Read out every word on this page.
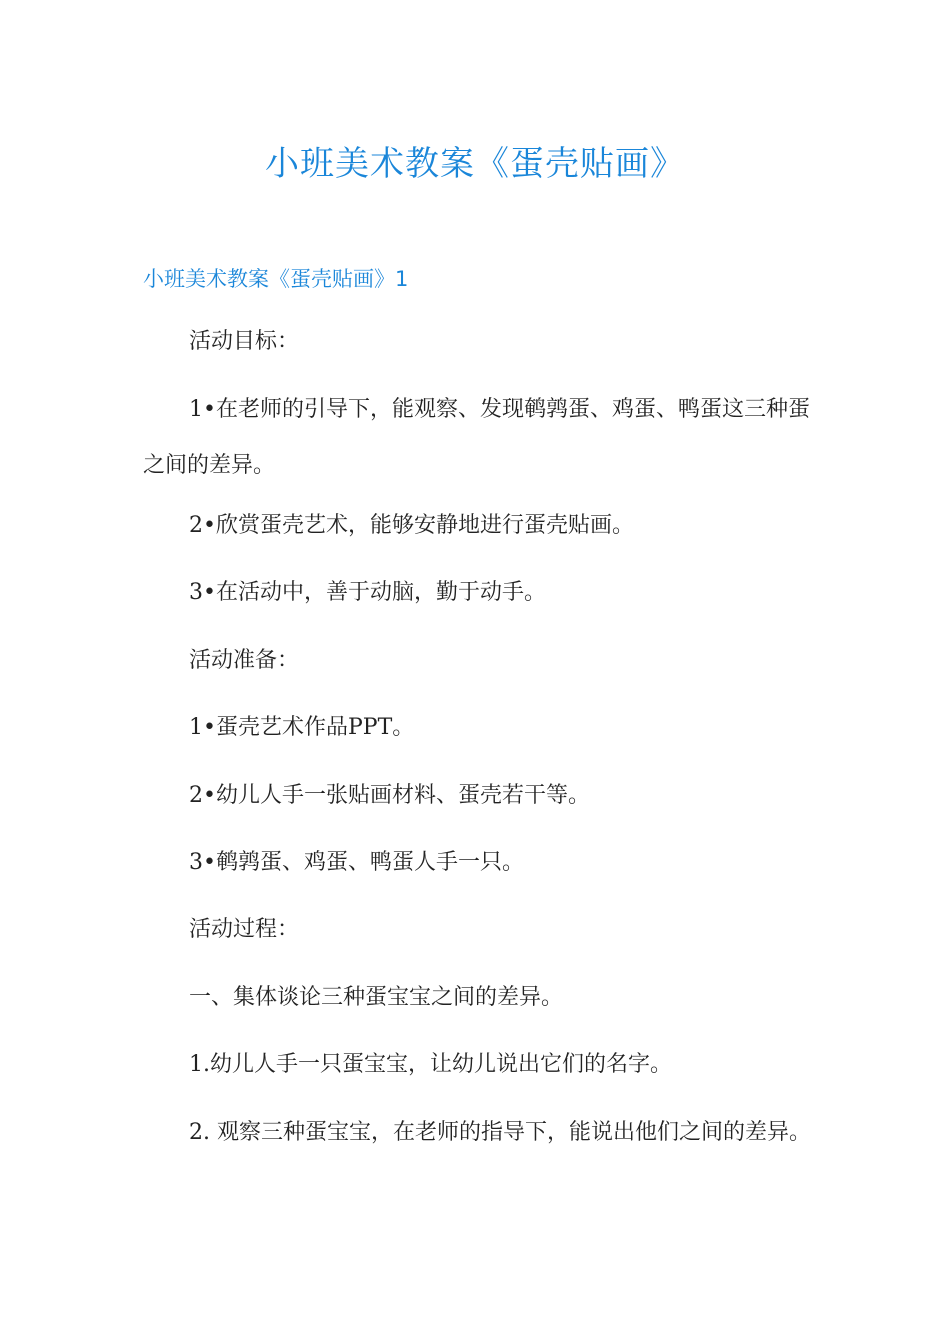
小班美术教案《蛋壳贴画》
小班美术教案《蛋壳贴画》1

活动目标：

1•在老师的引导下，能观察、发现鹌鹑蛋、鸡蛋、鸭蛋这三种蛋之间的差异。

2•欣赏蛋壳艺术，能够安静地进行蛋壳贴画。

3•在活动中，善于动脑，勤于动手。

活动准备：

1•蛋壳艺术作品PPT。

2•幼儿人手一张贴画材料、蛋壳若干等。

3•鹌鹑蛋、鸡蛋、鸭蛋人手一只。

活动过程：

一、集体谈论三种蛋宝宝之间的差异。

1.幼儿人手一只蛋宝宝，让幼儿说出它们的名字。

2. 观察三种蛋宝宝，在老师的指导下，能说出他们之间的差异。
